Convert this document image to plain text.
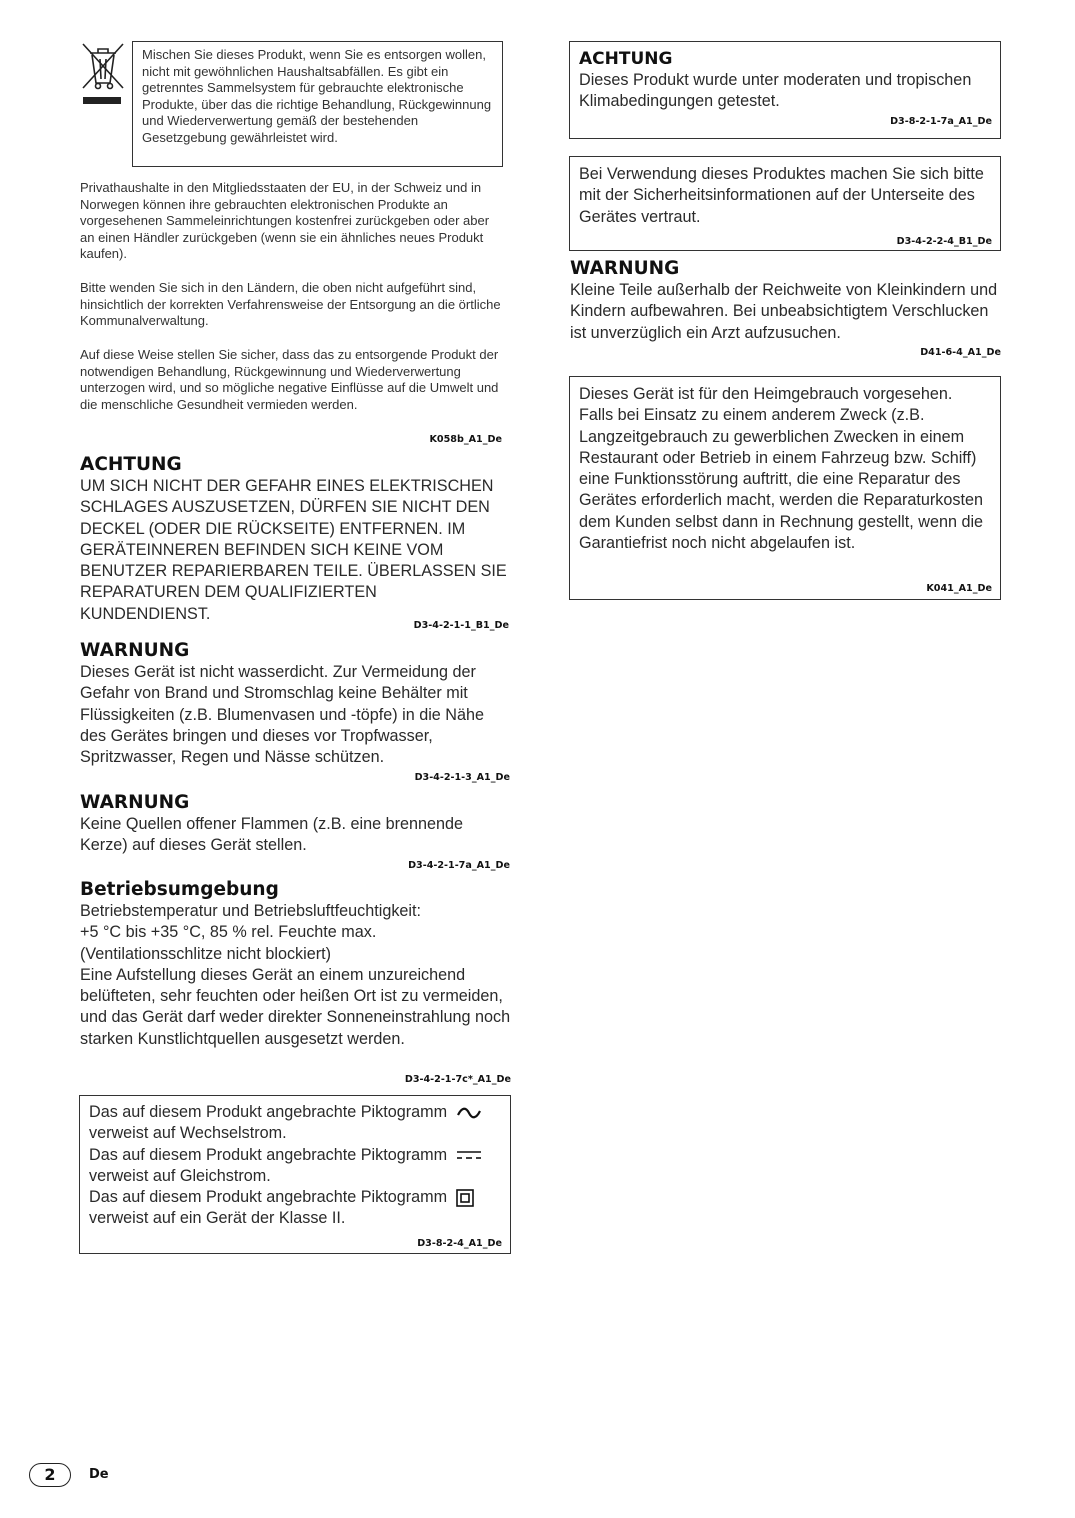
Mischen Sie dieses Produkt, wenn Sie es entsorgen wollen, nicht mit gewöhnlichen Haushaltsabfällen. Es gibt ein getrenntes Sammelsystem für gebrauchte elektronische Produkte, über das die richtige Behandlung, Rückgewinnung und Wiederverwertung gemäß der bestehenden Gesetzgebung gewährleistet wird.
Privathaushalte in den Mitgliedsstaaten der EU, in der Schweiz und in Norwegen können ihre gebrauchten elektronischen Produkte an vorgesehenen Sammeleinrichtungen kostenfrei zurückgeben oder aber an einen Händler zurückgeben (wenn sie ein ähnliches neues Produkt kaufen).
Bitte wenden Sie sich in den Ländern, die oben nicht aufgeführt sind, hinsichtlich der korrekten Verfahrensweise der Entsorgung an die örtliche Kommunalverwaltung.
Auf diese Weise stellen Sie sicher, dass das zu entsorgende Produkt der notwendigen Behandlung, Rückgewinnung und Wiederverwertung unterzogen wird, und so mögliche negative Einflüsse auf die Umwelt und die menschliche Gesundheit vermieden werden.
K058b_A1_De
ACHTUNG
UM SICH NICHT DER GEFAHR EINES ELEKTRISCHEN SCHLAGES AUSZUSETZEN, DÜRFEN SIE NICHT DEN DECKEL (ODER DIE RÜCKSEITE) ENTFERNEN. IM GERÄTEINNEREN BEFINDEN SICH KEINE VOM BENUTZER REPARIERBAREN TEILE. ÜBERLASSEN SIE REPARATUREN DEM QUALIFIZIERTEN KUNDENDIENST.
D3-4-2-1-1_B1_De
WARNUNG
Dieses Gerät ist nicht wasserdicht. Zur Vermeidung der Gefahr von Brand und Stromschlag keine Behälter mit Flüssigkeiten (z.B. Blumenvasen und -töpfe) in die Nähe des Gerätes bringen und dieses vor Tropfwasser, Spritzwasser, Regen und Nässe schützen.
D3-4-2-1-3_A1_De
WARNUNG
Keine Quellen offener Flammen (z.B. eine brennende Kerze) auf dieses Gerät stellen.
D3-4-2-1-7a_A1_De
Betriebsumgebung
Betriebstemperatur und Betriebsluftfeuchtigkeit:
+5 °C bis +35 °C, 85 % rel. Feuchte max.
(Ventilationsschlitze nicht blockiert)
Eine Aufstellung dieses Gerät an einem unzureichend belüfteten, sehr feuchten oder heißen Ort ist zu vermeiden, und das Gerät darf weder direkter Sonneneinstrahlung noch starken Kunstlichtquellen ausgesetzt werden.
D3-4-2-1-7c*_A1_De
Das auf diesem Produkt angebrachte Piktogramm
verweist auf Wechselstrom.
Das auf diesem Produkt angebrachte Piktogramm
verweist auf Gleichstrom.
Das auf diesem Produkt angebrachte Piktogramm
verweist auf ein Gerät der Klasse II.
D3-8-2-4_A1_De
ACHTUNG
Dieses Produkt wurde unter moderaten und tropischen Klimabedingungen getestet.
D3-8-2-1-7a_A1_De
Bei Verwendung dieses Produktes machen Sie sich bitte mit der Sicherheitsinformationen auf der Unterseite des Gerätes vertraut.
D3-4-2-2-4_B1_De
WARNUNG
Kleine Teile außerhalb der Reichweite von Kleinkindern und Kindern aufbewahren. Bei unbeabsichtigtem Verschlucken ist unverzüglich ein Arzt aufzusuchen.
D41-6-4_A1_De
Dieses Gerät ist für den Heimgebrauch vorgesehen. Falls bei Einsatz zu einem anderem Zweck (z.B. Langzeitgebrauch zu gewerblichen Zwecken in einem Restaurant oder Betrieb in einem Fahrzeug bzw. Schiff) eine Funktionsstörung auftritt, die eine Reparatur des Gerätes erforderlich macht, werden die Reparaturkosten dem Kunden selbst dann in Rechnung gestellt, wenn die Garantiefrist noch nicht abgelaufen ist.
K041_A1_De
2	De
